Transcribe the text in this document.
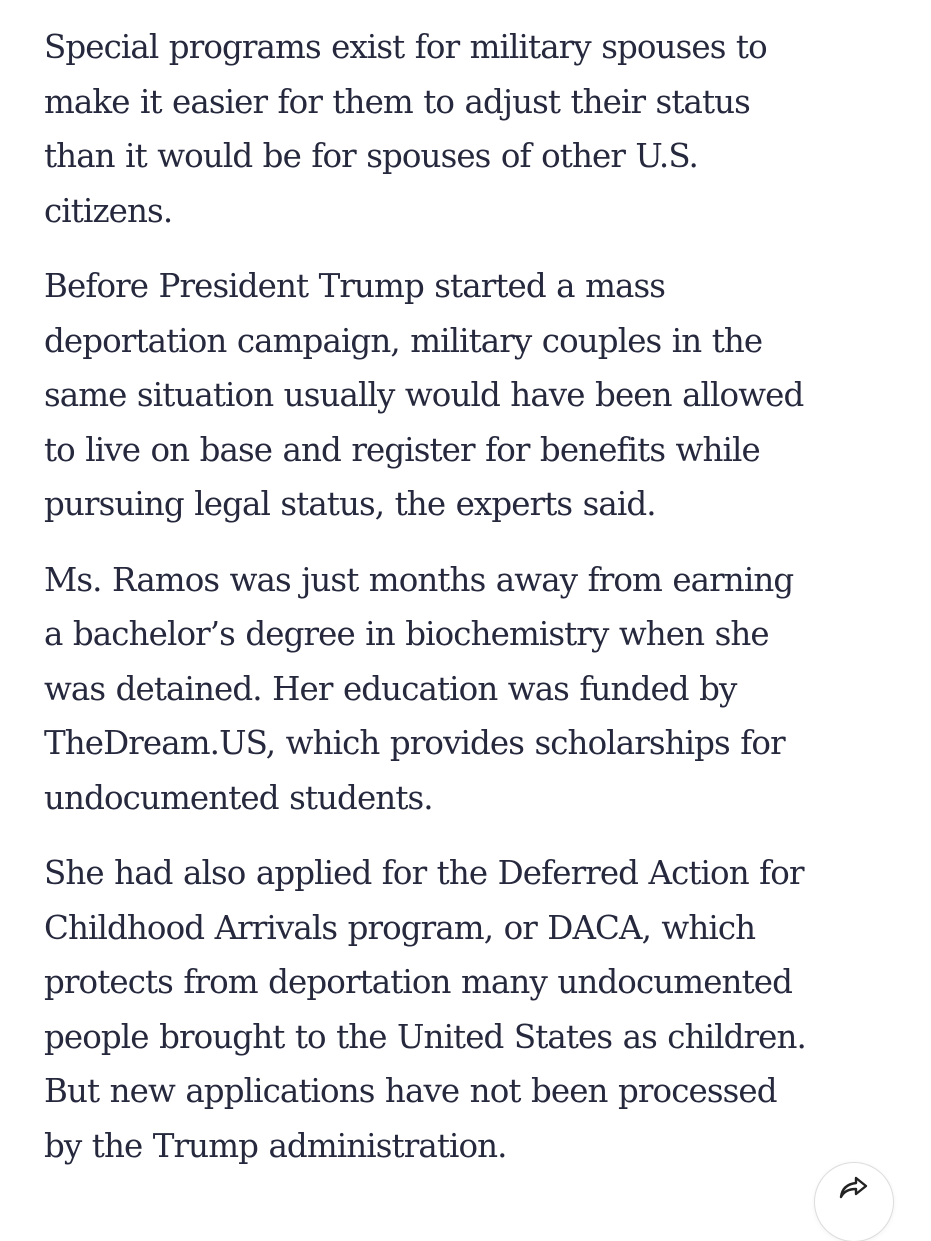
Special programs exist for military spouses to
make it easier for them to adjust their status
than it would be for spouses of other U.S.
citizens.

Before President Trump started a mass
deportation campaign, military couples in the
same situation usually would have been allowed
to live on base and register for benefits while
pursuing legal status, the experts said.

Ms. Ramos was just months away from earning
a bachelor’s degree in biochemistry when she
was detained. Her education was funded by
TheDream.US, which provides scholarships for
undocumented students.

She had also applied for the Deferred Action for
Childhood Arrivals program, or DACA, which
protects from deportation many undocumented
people brought to the United States as children.
But new applications have not been processed
by the Trump administration.
